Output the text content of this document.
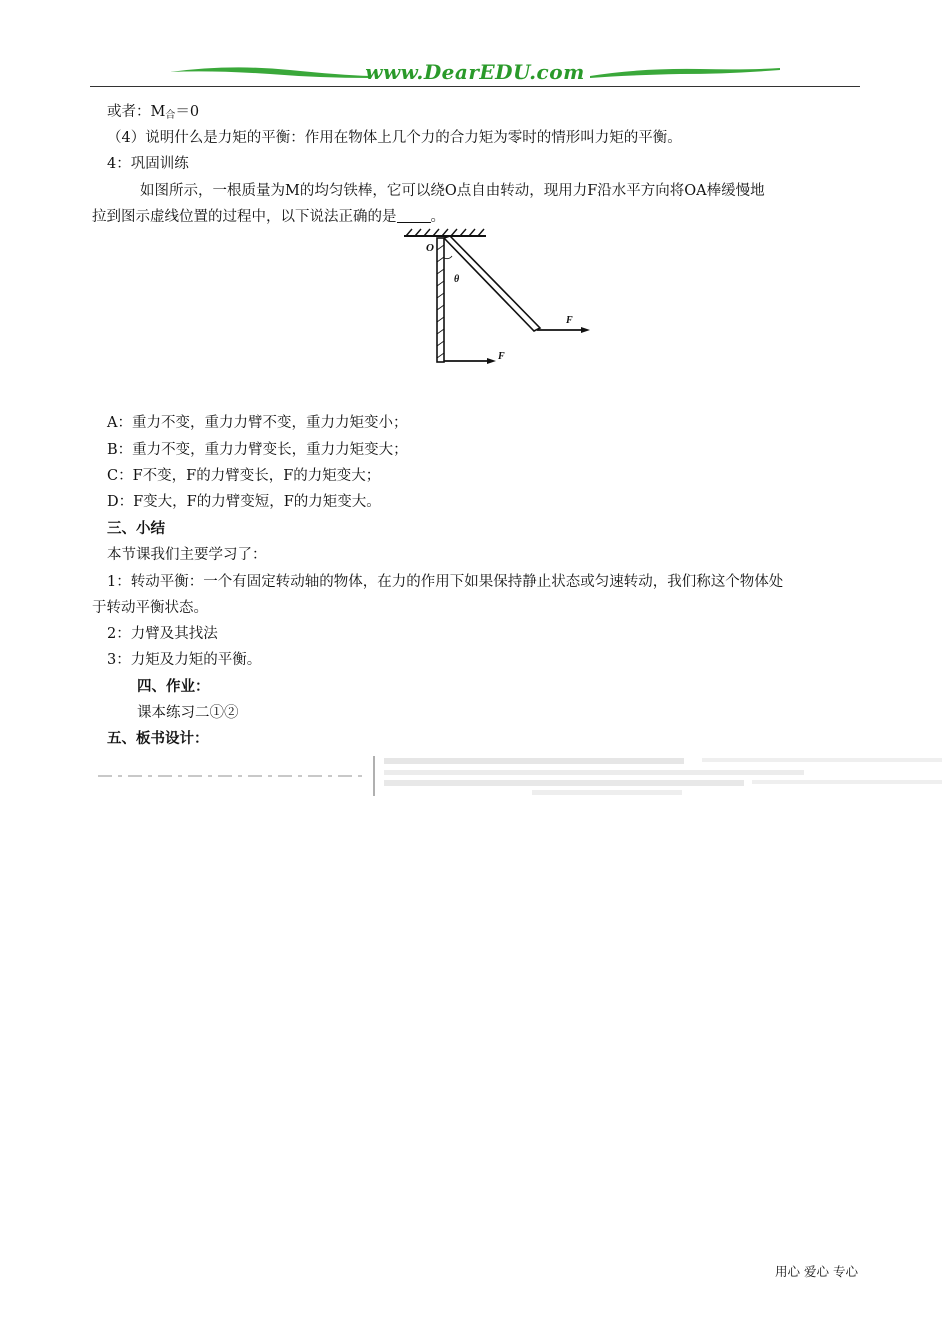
www.DearEDU.com
或者：$M_合=0$
（4）说明什么是力矩的平衡：作用在物体上几个力的合力矩为零时的情形叫力矩的平衡。
4：巩固训练
如图所示，一根质量为M的均匀铁棒，它可以绕O点自由转动，现用力F沿水平方向将OA棒缓慢地
拉到图示虚线位置的过程中，以下说法正确的是 。
O
θ
F
F
A：重力不变，重力力臂不变，重力力矩变小；
B：重力不变，重力力臂变长，重力力矩变大；
C：F不变，F的力臂变长，F的力矩变大；
D：F变大，F的力臂变短，F的力矩变大。
三、小结
本节课我们主要学习了：
1：转动平衡：一个有固定转动轴的物体，在力的作用下如果保持静止状态或匀速转动，我们称这个物体处
于转动平衡状态。
2：力臂及其找法
3：力矩及力矩的平衡。
四、作业：
课本练习二①②
五、板书设计：
用心 爱心 专心
